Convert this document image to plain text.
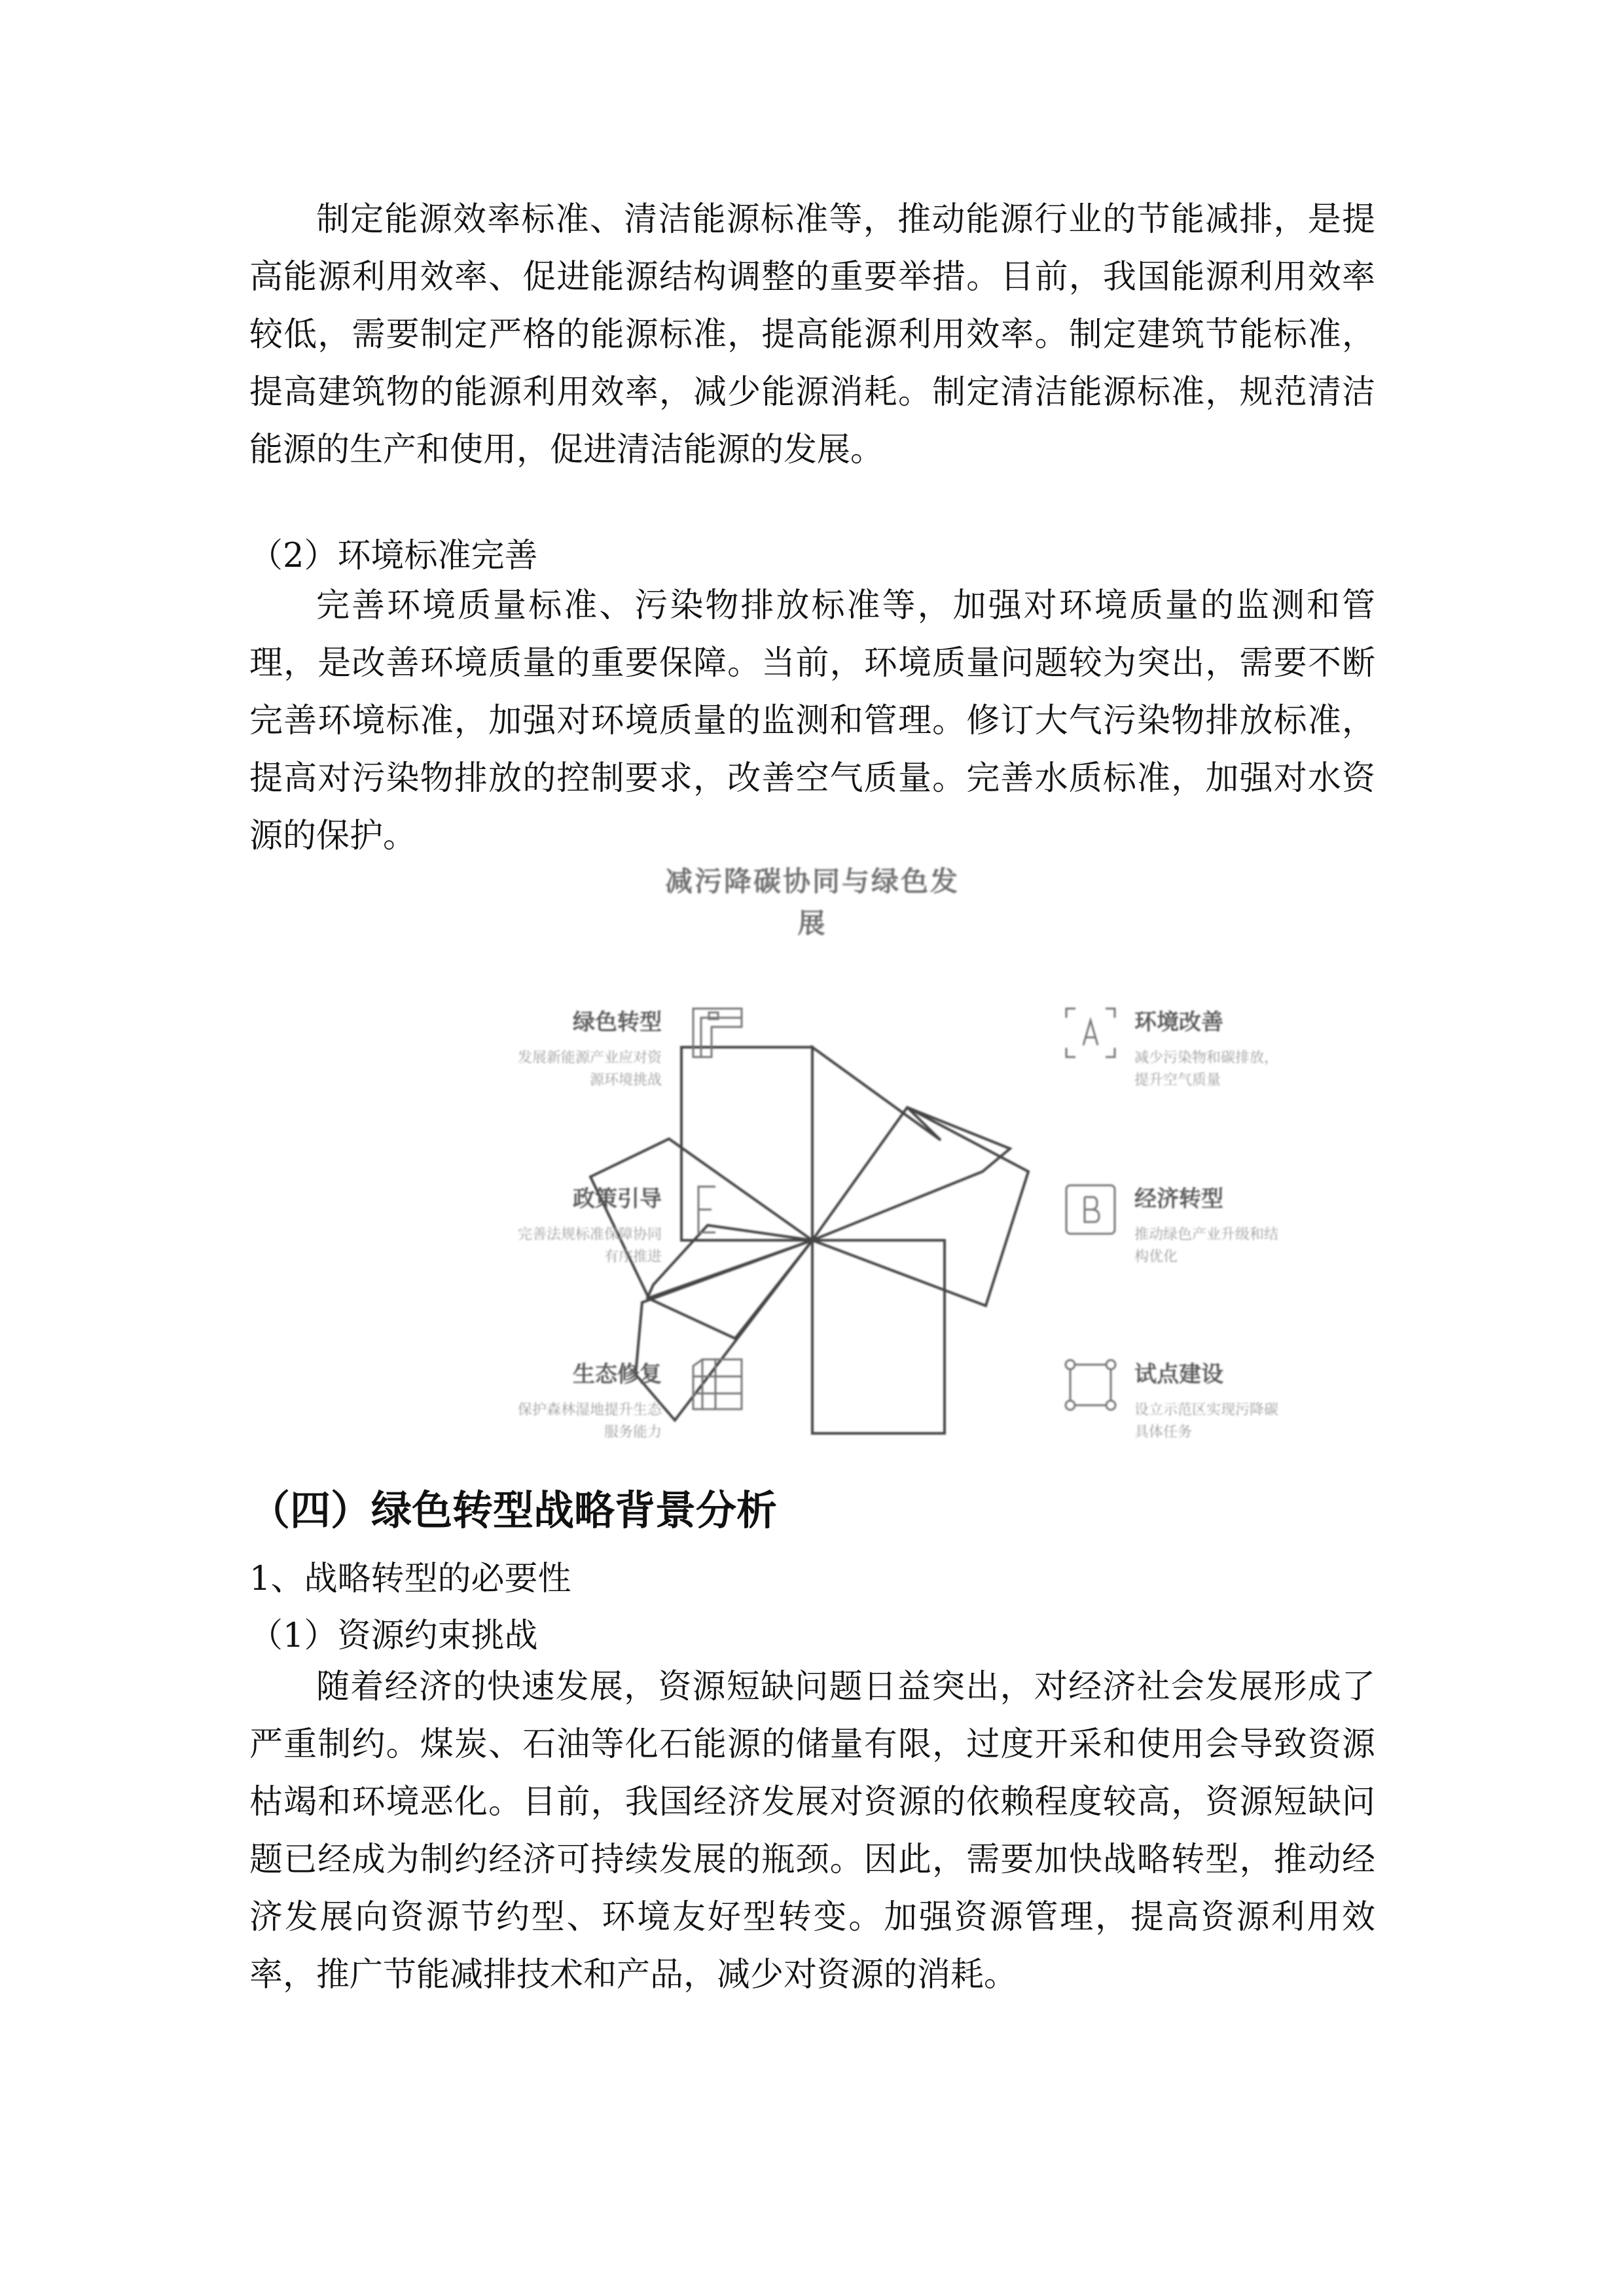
制定能源效率标准、清洁能源标准等，推动能源行业的节能减排，是提高能源利用效率、促进能源结构调整的重要举措。目前，我国能源利用效率较低，需要制定严格的能源标准，提高能源利用效率。制定建筑节能标准，提高建筑物的能源利用效率，减少能源消耗。制定清洁能源标准，规范清洁能源的生产和使用，促进清洁能源的发展。

（2）环境标准完善

完善环境质量标准、污染物排放标准等，加强对环境质量的监测和管理，是改善环境质量的重要保障。当前，环境质量问题较为突出，需要不断完善环境标准，加强对环境质量的监测和管理。修订大气污染物排放标准，提高对污染物排放的控制要求，改善空气质量。完善水质标准，加强对水资源的保护。

减污降碳协同与绿色发
展
绿色转型
发展新能源产业应对资
源环境挑战
政策引导
完善法规标准保障协同
有序推进
生态修复
保护森林湿地提升生态
服务能力
环境改善
减少污染物和碳排放，
提升空气质量
经济转型
推动绿色产业升级和结
构优化
试点建设
设立示范区实现污降碳
具体任务
（四）绿色转型战略背景分析

1、战略转型的必要性

（1）资源约束挑战

随着经济的快速发展，资源短缺问题日益突出，对经济社会发展形成了严重制约。煤炭、石油等化石能源的储量有限，过度开采和使用会导致资源枯竭和环境恶化。目前，我国经济发展对资源的依赖程度较高，资源短缺问题已经成为制约经济可持续发展的瓶颈。因此，需要加快战略转型，推动经济发展向资源节约型、环境友好型转变。加强资源管理，提高资源利用效率，推广节能减排技术和产品，减少对资源的消耗。
